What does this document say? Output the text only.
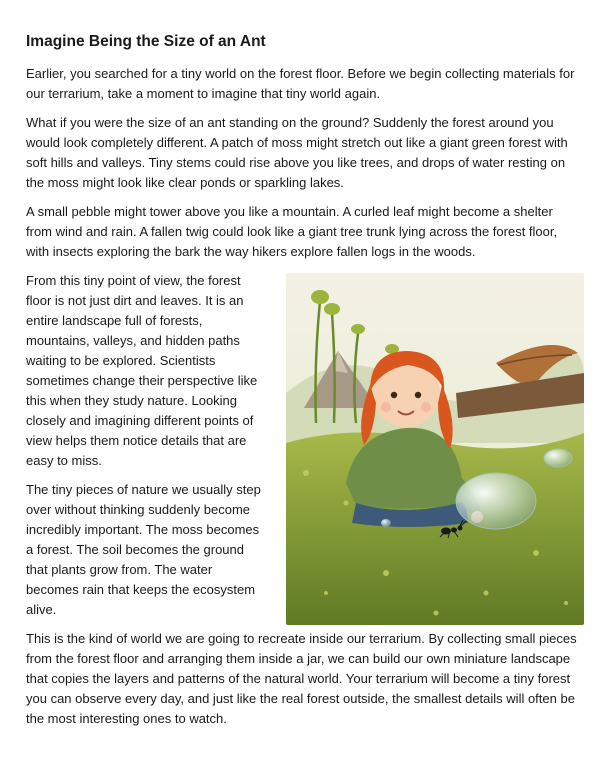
Imagine Being the Size of an Ant

Earlier, you searched for a tiny world on the forest floor. Before we begin collecting materials for our terrarium, take a moment to imagine that tiny world again.

What if you were the size of an ant standing on the ground? Suddenly the forest around you would look completely different. A patch of moss might stretch out like a giant green forest with soft hills and valleys. Tiny stems could rise above you like trees, and drops of water resting on the moss might look like clear ponds or sparkling lakes.

A small pebble might tower above you like a mountain. A curled leaf might become a shelter from wind and rain. A fallen twig could look like a giant tree trunk lying across the forest floor, with insects exploring the bark the way hikers explore fallen logs in the woods.

From this tiny point of view, the forest floor is not just dirt and leaves. It is an entire landscape full of forests, mountains, valleys, and hidden paths waiting to be explored. Scientists sometimes change their perspective like this when they study nature. Looking closely and imagining different points of view helps them notice details that are easy to miss.

The tiny pieces of nature we usually step over without thinking suddenly become incredibly important. The moss becomes a forest. The soil becomes the ground that plants grow from. The water becomes rain that keeps the ecosystem alive.

This is the kind of world we are going to recreate inside our terrarium. By collecting small pieces from the forest floor and arranging them inside a jar, we can build our own miniature landscape that copies the layers and patterns of the natural world. Your terrarium will become a tiny forest you can observe every day, and just like the real forest outside, the smallest details will often be the most interesting ones to watch.
